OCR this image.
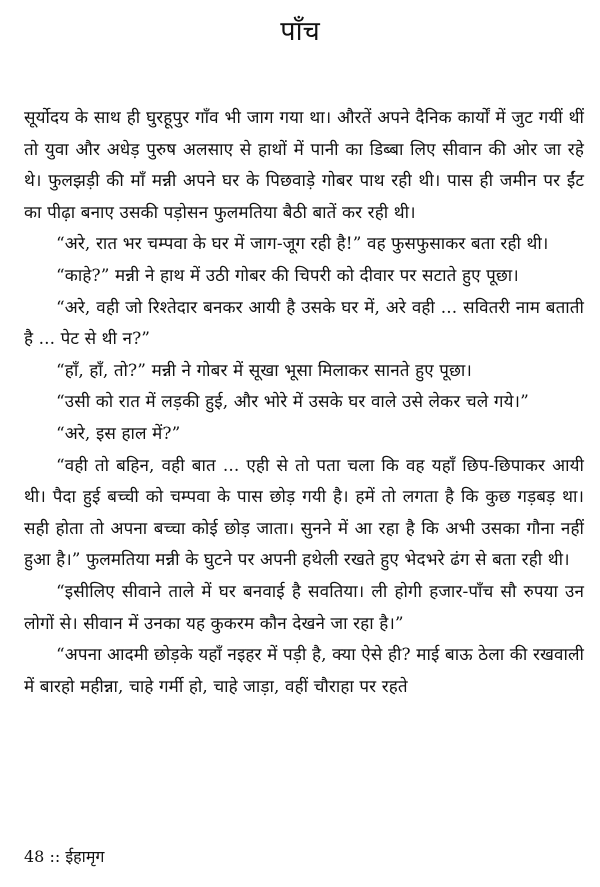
पाँच

सूर्योदय के साथ ही घुरहूपुर गाँव भी जाग गया था। औरतें अपने दैनिक कार्यों में जुट गयीं थीं तो युवा और अधेड़ पुरुष अलसाए से हाथों में पानी का डिब्बा लिए सीवान की ओर जा रहे थे। फुलझड़ी की माँ मन्नी अपने घर के पिछवाड़े गोबर पाथ रही थी। पास ही जमीन पर ईंट का पीढ़ा बनाए उसकी पड़ोसन फुलमतिया बैठी बातें कर रही थी।

“अरे, रात भर चम्पवा के घर में जाग-जूग रही है!” वह फुसफुसाकर बता रही थी।

“काहे?” मन्नी ने हाथ में उठी गोबर की चिपरी को दीवार पर सटाते हुए पूछा।

“अरे, वही जो रिश्तेदार बनकर आयी है उसके घर में, अरे वही ... सवितरी नाम बताती है ... पेट से थी न?”

“हाँ, हाँ, तो?” मन्नी ने गोबर में सूखा भूसा मिलाकर सानते हुए पूछा।

“उसी को रात में लड़की हुई, और भोरे में उसके घर वाले उसे लेकर चले गये।”

“अरे, इस हाल में?”

“वही तो बहिन, वही बात ... एही से तो पता चला कि वह यहाँ छिप-छिपाकर आयी थी। पैदा हुई बच्ची को चम्पवा के पास छोड़ गयी है। हमें तो लगता है कि कुछ गड़बड़ था। सही होता तो अपना बच्चा कोई छोड़ जाता। सुनने में आ रहा है कि अभी उसका गौना नहीं हुआ है।” फुलमतिया मन्नी के घुटने पर अपनी हथेली रखते हुए भेदभरे ढंग से बता रही थी।

“इसीलिए सीवाने ताले में घर बनवाई है सवतिया। ली होगी हजार-पाँच सौ रुपया उन लोगों से। सीवान में उनका यह कुकरम कौन देखने जा रहा है।”

“अपना आदमी छोड़के यहाँ नइहर में पड़ी है, क्या ऐसे ही? माई बाऊ ठेला की रखवाली में बारहो महीन्ना, चाहे गर्मी हो, चाहे जाड़ा, वहीं चौराहा पर रहते

48 :: ईहामृग
